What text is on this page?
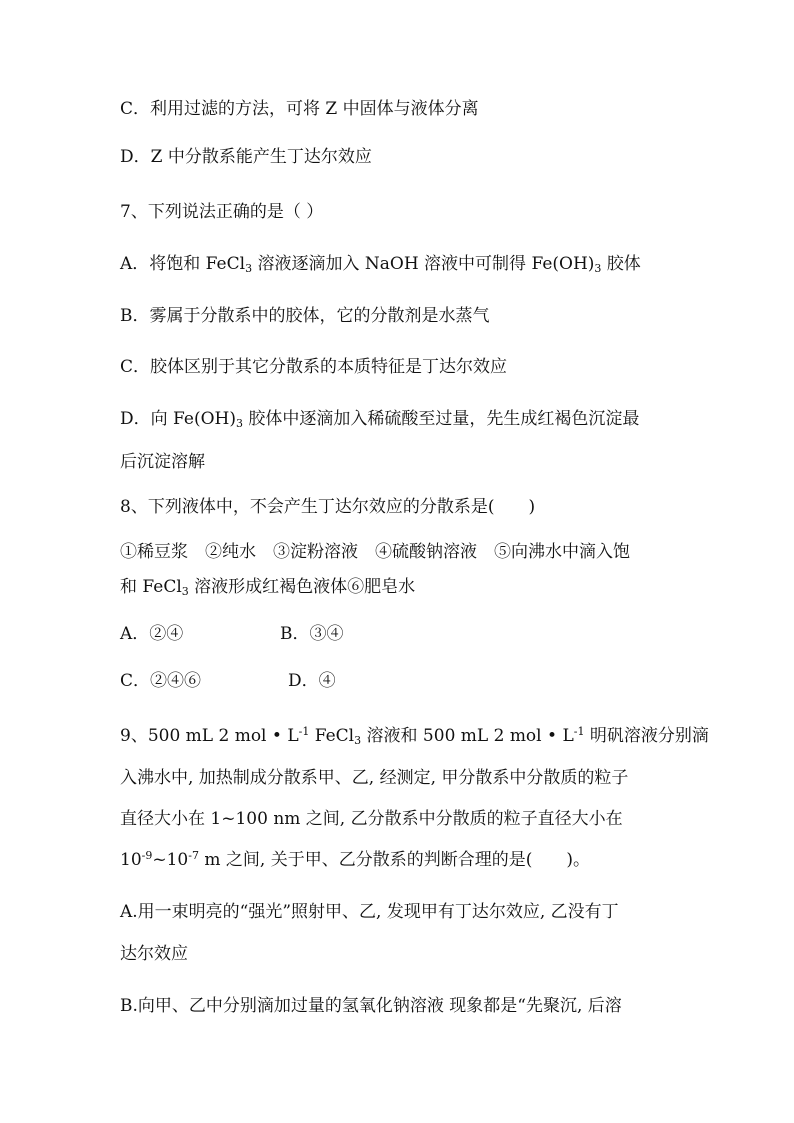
C．利用过滤的方法，可将 Z 中固体与液体分离
D．Z 中分散系能产生丁达尔效应
7、下列说法正确的是（ ）
A．将饱和 FeCl$_3$ 溶液逐滴加入 NaOH 溶液中可制得 $Fe(OH)_3$ 胶体
B．雾属于分散系中的胶体，它的分散剂是水蒸气
C．胶体区别于其它分散系的本质特征是丁达尔效应
D．向 $Fe(OH)_3$ 胶体中逐滴加入稀硫酸至过量，先生成红褐色沉淀最
后沉淀溶解
8、下列液体中，不会产生丁达尔效应的分散系是(　　)
①稀豆浆　②纯水　③淀粉溶液　④硫酸钠溶液　⑤向沸水中滴入饱
和 FeCl$_3$ 溶液形成红褐色液体⑥肥皂水
A．②④	B．③④
C．②④⑥	D．④
9、500 mL 2 mol • $L^{-1}$ FeCl$_3$ 溶液和 500 mL 2 mol • $L^{-1}$ 明矾溶液分别滴
入沸水中, 加热制成分散系甲、乙, 经测定, 甲分散系中分散质的粒子
直径大小在 1~100 nm 之间, 乙分散系中分散质的粒子直径大小在
$10^{-9}\sim 10^{-7}$ m 之间, 关于甲、乙分散系的判断合理的是(　　)。
A.用一束明亮的“强光”照射甲、乙, 发现甲有丁达尔效应, 乙没有丁
达尔效应
B.向甲、乙中分别滴加过量的氢氧化钠溶液 现象都是“先聚沉, 后溶
